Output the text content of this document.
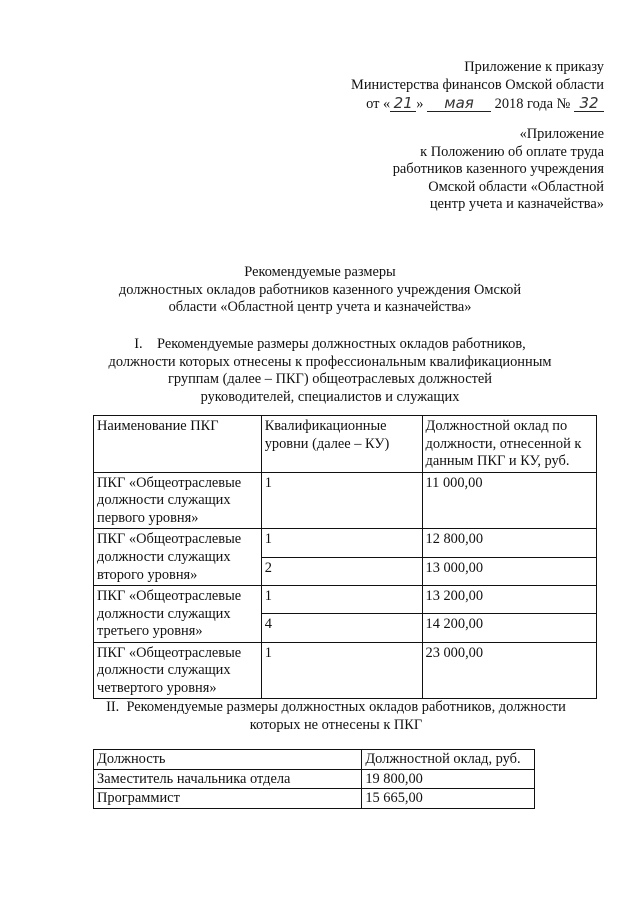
Приложение к приказу
Министерства финансов Омской области
от « 21 » мая 2018 года № 32
«Приложение
к Положению об оплате труда
работников казенного учреждения
Омской области «Областной
центр учета и казначейства»
Рекомендуемые размеры
должностных окладов работников казенного учреждения Омской
области «Областной центр учета и казначейства»
I.    Рекомендуемые размеры должностных окладов работников,
должности которых отнесены к профессиональным квалификационным
группам (далее – ПКГ) общеотраслевых должностей
руководителей, специалистов и служащих
Наименование ПКГ	Квалификационные уровни (далее – КУ)	Должностной оклад по должности, отнесенной к данным ПКГ и КУ, руб.
ПКГ «Общеотраслевые должности служащих первого уровня»	1	11 000,00
ПКГ «Общеотраслевые должности служащих второго уровня»	1	12 800,00
	2	13 000,00
ПКГ «Общеотраслевые должности служащих третьего уровня»	1	13 200,00
	4	14 200,00
ПКГ «Общеотраслевые должности служащих четвертого уровня»	1	23 000,00
II.  Рекомендуемые размеры должностных окладов работников, должности
которых не отнесены к ПКГ
Должность	Должностной оклад, руб.
Заместитель начальника отдела	19 800,00
Программист	15 665,00
